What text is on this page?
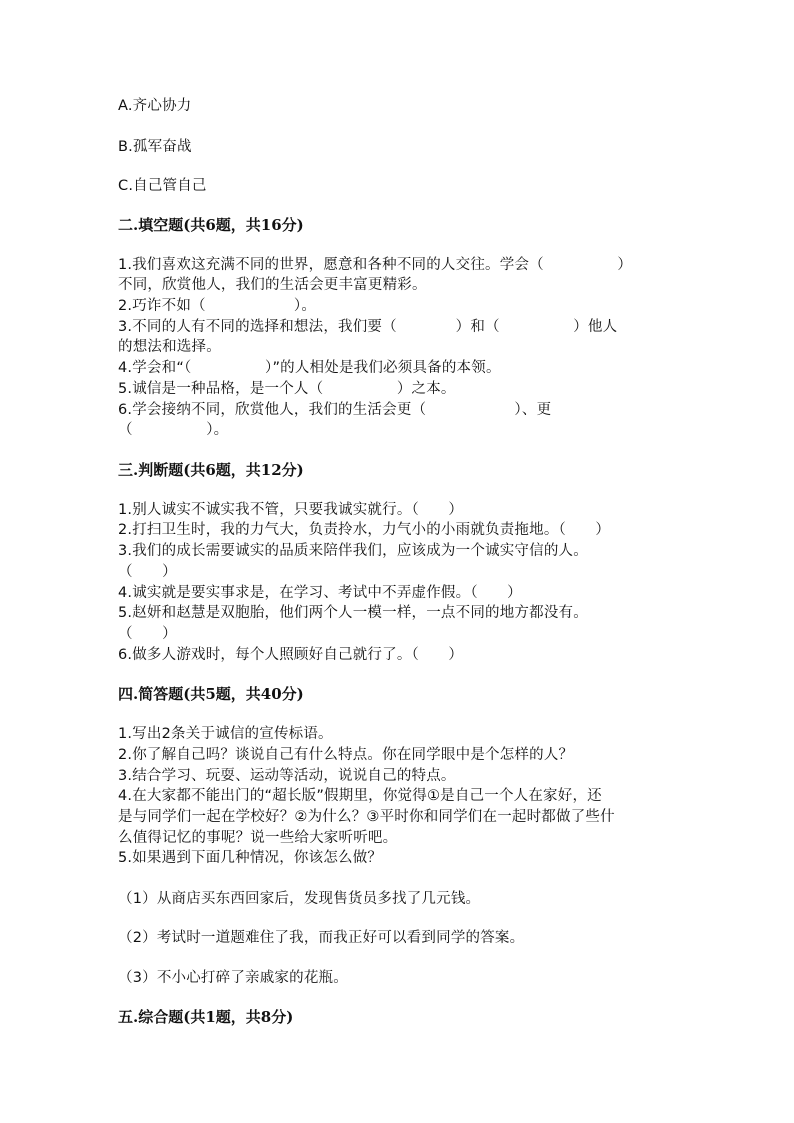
A.齐心协力
B.孤军奋战
C.自己管自己
二.填空题(共6题，共16分)
1.我们喜欢这充满不同的世界，愿意和各种不同的人交往。学会（　　　　　）
不同，欣赏他人，我们的生活会更丰富更精彩。
2.巧诈不如（　　　　　　）。
3.不同的人有不同的选择和想法，我们要（　　　　）和（　　　　　）他人
的想法和选择。
4.学会和“（　　　　　）”的人相处是我们必须具备的本领。
5.诚信是一种品格，是一个人（　　　　　）之本。
6.学会接纳不同，欣赏他人，我们的生活会更（　　　　　　）、更
（　　　　　）。
三.判断题(共6题，共12分)
1.别人诚实不诚实我不管，只要我诚实就行。（　　）
2.打扫卫生时，我的力气大，负责拎水，力气小的小雨就负责拖地。（　　）
3.我们的成长需要诚实的品质来陪伴我们，应该成为一个诚实守信的人。
（　　）
4.诚实就是要实事求是，在学习、考试中不弄虚作假。（　　）
5.赵妍和赵慧是双胞胎，他们两个人一模一样，一点不同的地方都没有。
（　　）
6.做多人游戏时，每个人照顾好自己就行了。（　　）
四.简答题(共5题，共40分)
1.写出2条关于诚信的宣传标语。
2.你了解自己吗？谈说自己有什么特点。你在同学眼中是个怎样的人？
3.结合学习、玩耍、运动等活动，说说自己的特点。
4.在大家都不能出门的“超长版”假期里，你觉得①是自己一个人在家好，还
是与同学们一起在学校好？②为什么？③平时你和同学们在一起时都做了些什
么值得记忆的事呢？说一些给大家听听吧。
5.如果遇到下面几种情况，你该怎么做？
（1）从商店买东西回家后，发现售货员多找了几元钱。
（2）考试时一道题难住了我，而我正好可以看到同学的答案。
（3）不小心打碎了亲戚家的花瓶。
五.综合题(共1题，共8分)
